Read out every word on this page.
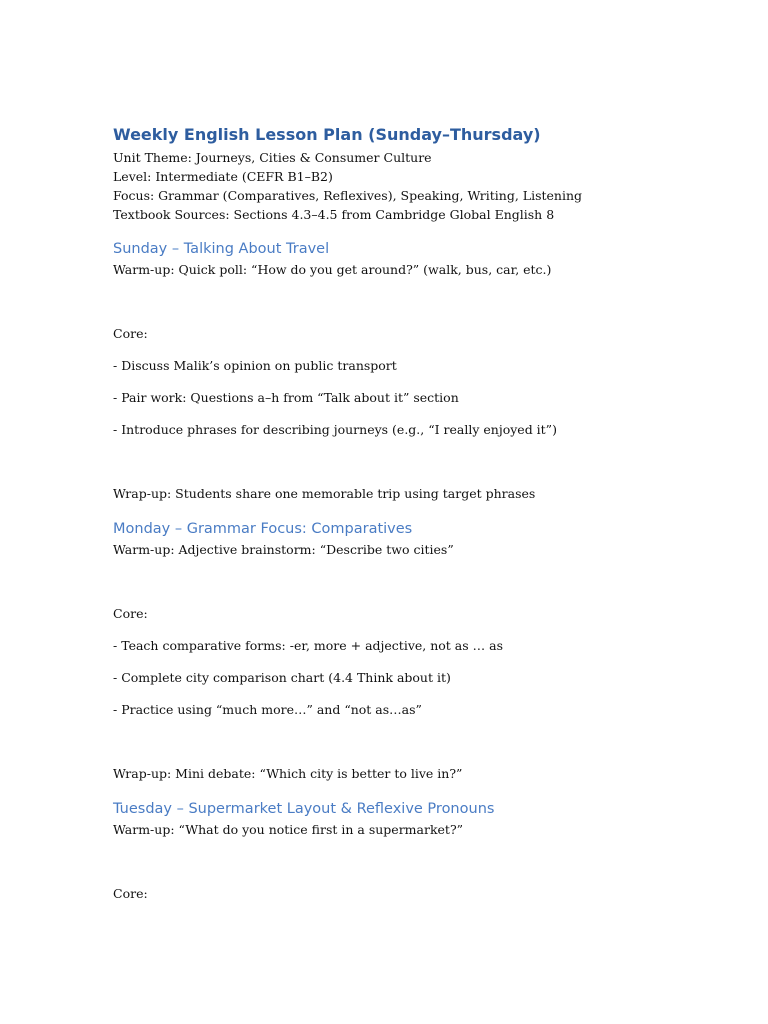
Weekly English Lesson Plan (Sunday–Thursday)
Unit Theme: Journeys, Cities & Consumer Culture
Level: Intermediate (CEFR B1–B2)
Focus: Grammar (Comparatives, Reflexives), Speaking, Writing, Listening
Textbook Sources: Sections 4.3–4.5 from Cambridge Global English 8
Sunday – Talking About Travel
Warm-up: Quick poll: “How do you get around?” (walk, bus, car, etc.)
Core:
- Discuss Malik’s opinion on public transport
- Pair work: Questions a–h from “Talk about it” section
- Introduce phrases for describing journeys (e.g., “I really enjoyed it”)
Wrap-up: Students share one memorable trip using target phrases
Monday – Grammar Focus: Comparatives
Warm-up: Adjective brainstorm: “Describe two cities”
Core:
- Teach comparative forms: -er, more + adjective, not as … as
- Complete city comparison chart (4.4 Think about it)
- Practice using “much more…” and “not as…as”
Wrap-up: Mini debate: “Which city is better to live in?”
Tuesday – Supermarket Layout & Reflexive Pronouns
Warm-up: “What do you notice first in a supermarket?”
Core:
